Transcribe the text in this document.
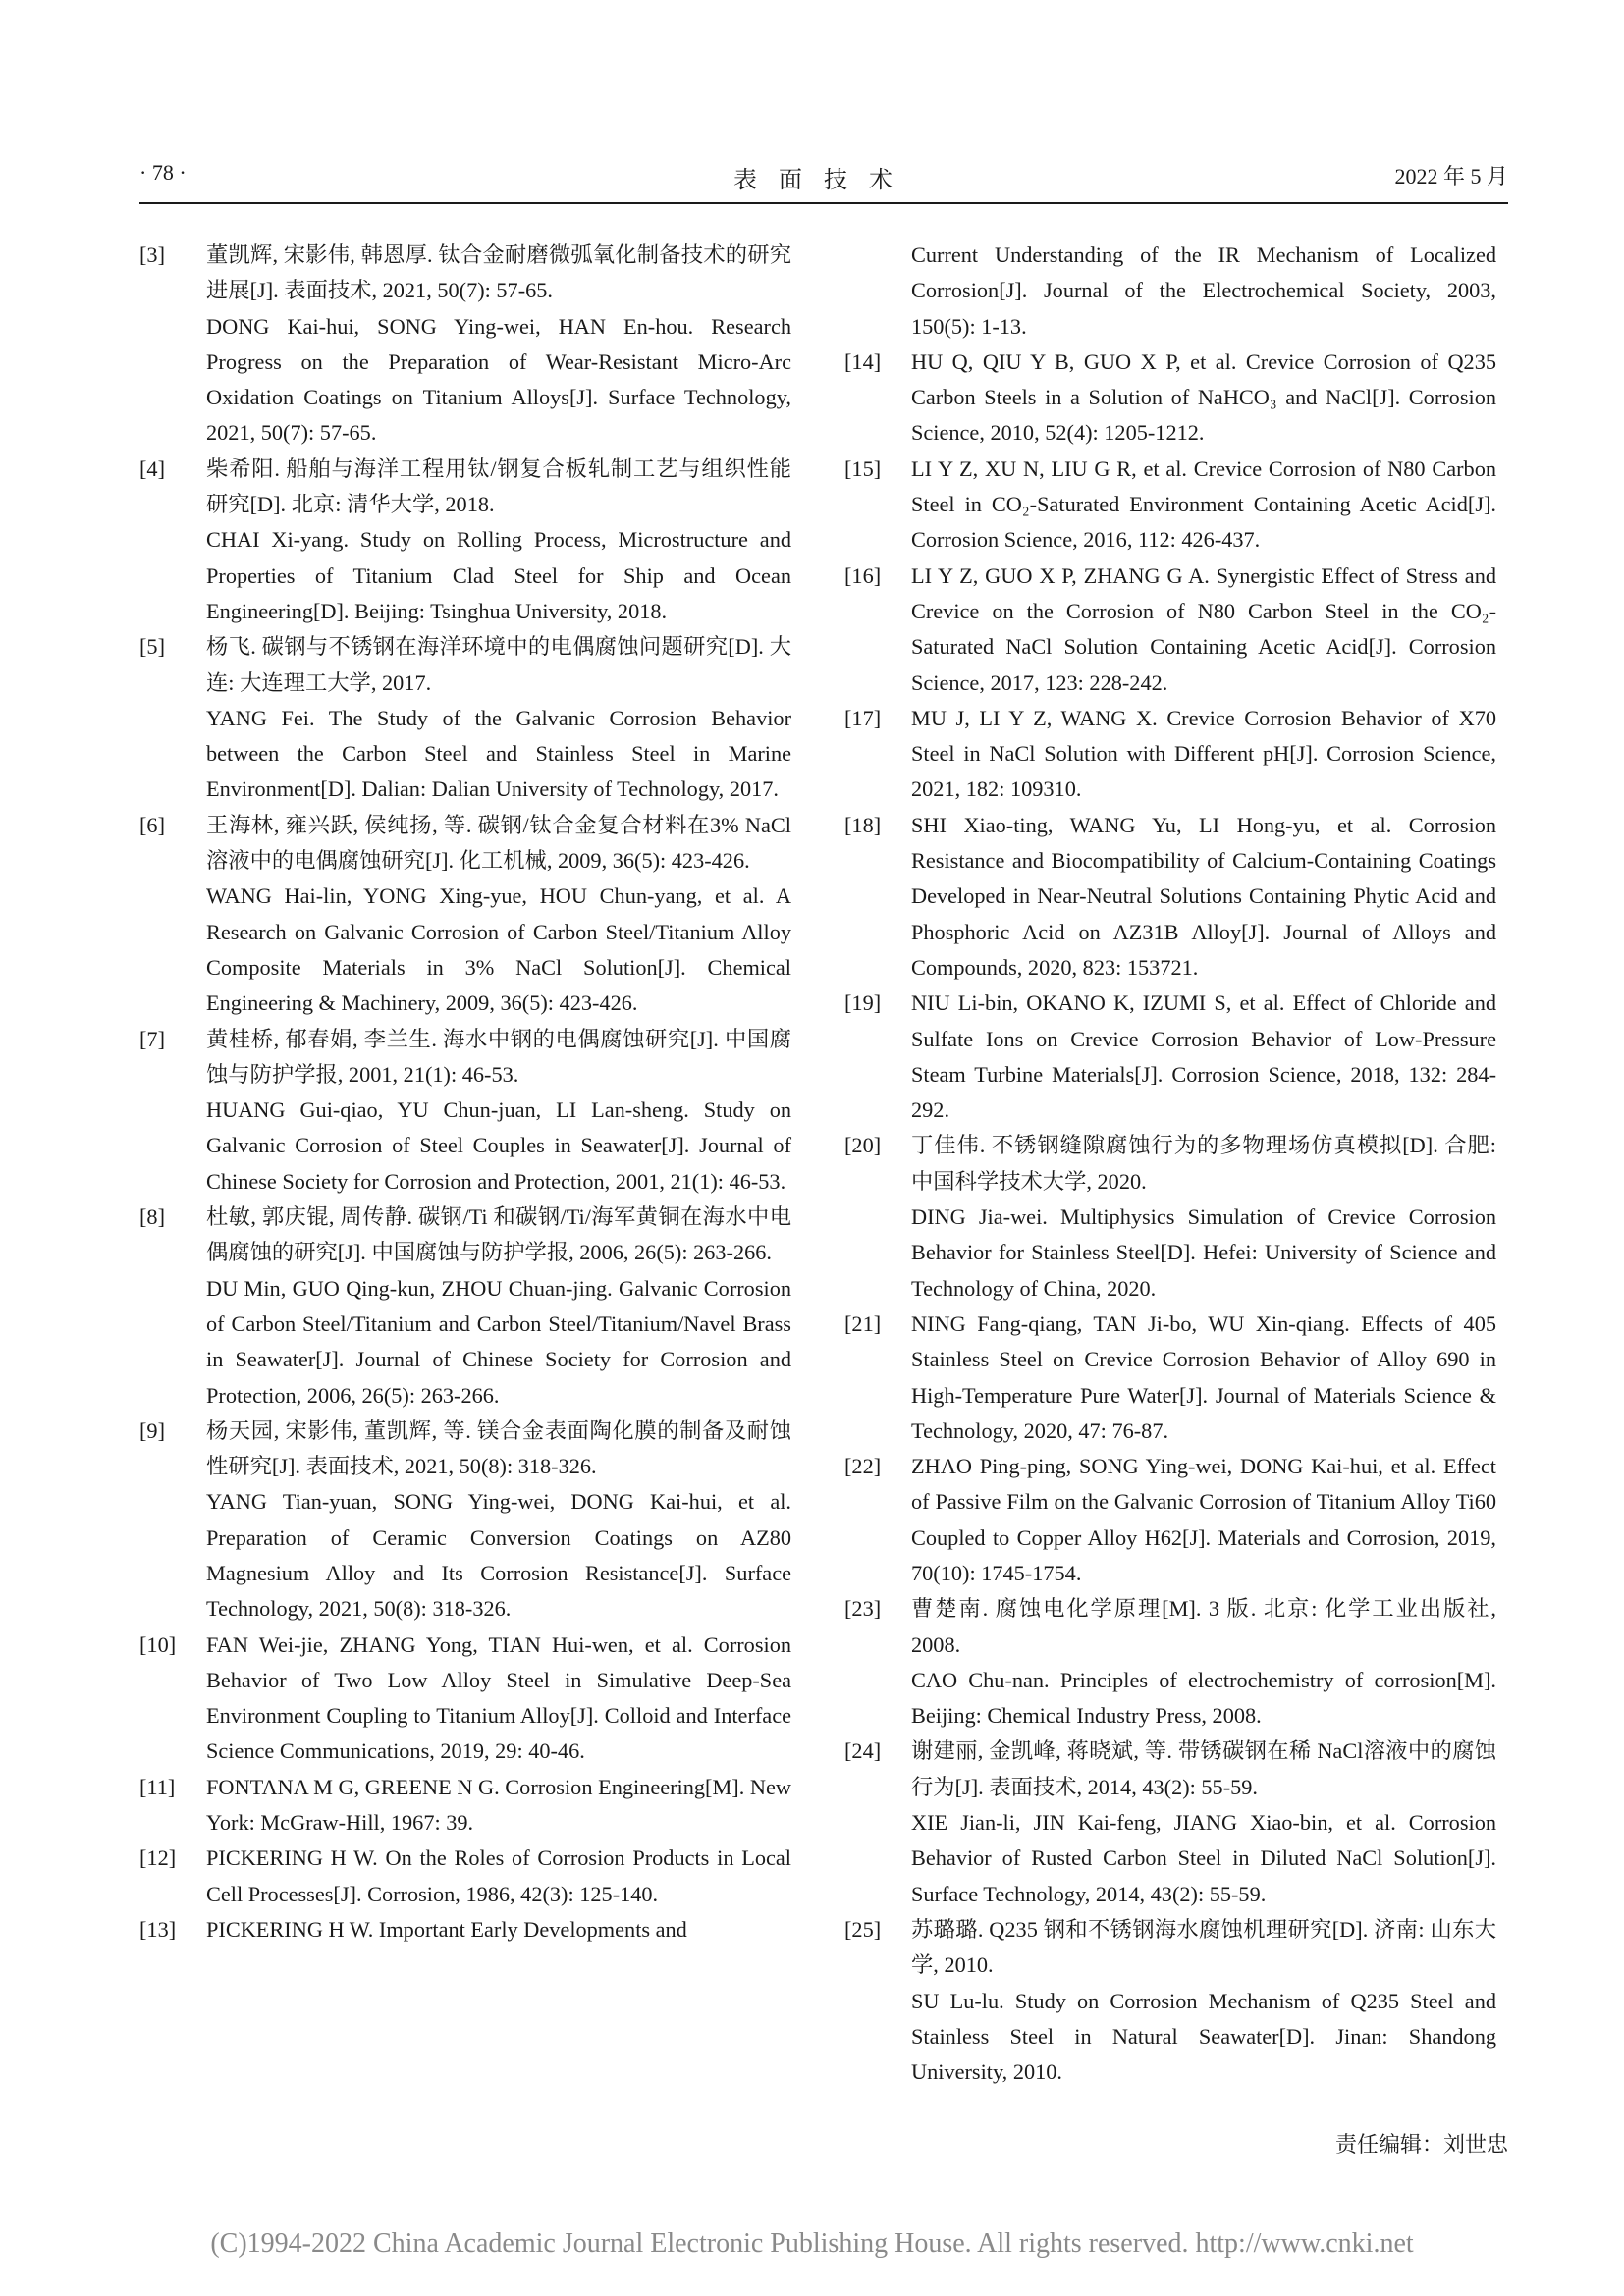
· 78 ·	表面技术	2022 年 5 月
[3]	董凯辉, 宋影伟, 韩恩厚. 钛合金耐磨微弧氧化制备技术的研究进展[J]. 表面技术, 2021, 50(7): 57-65.

DONG Kai-hui, SONG Ying-wei, HAN En-hou. Research Progress on the Preparation of Wear-Resistant Micro-Arc Oxidation Coatings on Titanium Alloys[J]. Surface Technology, 2021, 50(7): 57-65.

[4]	柴希阳. 船舶与海洋工程用钛/钢复合板轧制工艺与组织性能研究[D]. 北京: 清华大学, 2018.

CHAI Xi-yang. Study on Rolling Process, Microstructure and Properties of Titanium Clad Steel for Ship and Ocean Engineering[D]. Beijing: Tsinghua University, 2018.

[5]	杨飞. 碳钢与不锈钢在海洋环境中的电偶腐蚀问题研究[D]. 大连: 大连理工大学, 2017.

YANG Fei. The Study of the Galvanic Corrosion Behavior between the Carbon Steel and Stainless Steel in Marine Environment[D]. Dalian: Dalian University of Technology, 2017.

[6]	王海林, 雍兴跃, 侯纯扬, 等. 碳钢/钛合金复合材料在3% NaCl 溶液中的电偶腐蚀研究[J]. 化工机械, 2009, 36(5): 423-426.

WANG Hai-lin, YONG Xing-yue, HOU Chun-yang, et al. A Research on Galvanic Corrosion of Carbon Steel/Titanium Alloy Composite Materials in 3% NaCl Solution[J]. Chemical Engineering & Machinery, 2009, 36(5): 423-426.

[7]	黄桂桥, 郁春娟, 李兰生. 海水中钢的电偶腐蚀研究[J]. 中国腐蚀与防护学报, 2001, 21(1): 46-53.

HUANG Gui-qiao, YU Chun-juan, LI Lan-sheng. Study on Galvanic Corrosion of Steel Couples in Seawater[J]. Journal of Chinese Society for Corrosion and Protection, 2001, 21(1): 46-53.

[8]	杜敏, 郭庆锟, 周传静. 碳钢/Ti 和碳钢/Ti/海军黄铜在海水中电偶腐蚀的研究[J]. 中国腐蚀与防护学报, 2006, 26(5): 263-266.

DU Min, GUO Qing-kun, ZHOU Chuan-jing. Galvanic Corrosion of Carbon Steel/Titanium and Carbon Steel/Titanium/Navel Brass in Seawater[J]. Journal of Chinese Society for Corrosion and Protection, 2006, 26(5): 263-266.

[9]	杨天园, 宋影伟, 董凯辉, 等. 镁合金表面陶化膜的制备及耐蚀性研究[J]. 表面技术, 2021, 50(8): 318-326.

YANG Tian-yuan, SONG Ying-wei, DONG Kai-hui, et al. Preparation of Ceramic Conversion Coatings on AZ80 Magnesium Alloy and Its Corrosion Resistance[J]. Surface Technology, 2021, 50(8): 318-326.

[10]	FAN Wei-jie, ZHANG Yong, TIAN Hui-wen, et al. Corrosion Behavior of Two Low Alloy Steel in Simulative Deep-Sea Environment Coupling to Titanium Alloy[J]. Colloid and Interface Science Communications, 2019, 29: 40-46.

[11]	FONTANA M G, GREENE N G. Corrosion Engineering[M]. New York: McGraw-Hill, 1967: 39.

[12]	PICKERING H W. On the Roles of Corrosion Products in Local Cell Processes[J]. Corrosion, 1986, 42(3): 125-140.

[13]	PICKERING H W. Important Early Developments and

Current Understanding of the IR Mechanism of Localized Corrosion[J]. Journal of the Electrochemical Society, 2003, 150(5): 1-13.

[14]	HU Q, QIU Y B, GUO X P, et al. Crevice Corrosion of Q235 Carbon Steels in a Solution of NaHCO₃ and NaCl[J]. Corrosion Science, 2010, 52(4): 1205-1212.

[15]	LI Y Z, XU N, LIU G R, et al. Crevice Corrosion of N80 Carbon Steel in CO₂-Saturated Environment Containing Acetic Acid[J]. Corrosion Science, 2016, 112: 426-437.

[16]	LI Y Z, GUO X P, ZHANG G A. Synergistic Effect of Stress and Crevice on the Corrosion of N80 Carbon Steel in the CO₂-Saturated NaCl Solution Containing Acetic Acid[J]. Corrosion Science, 2017, 123: 228-242.

[17]	MU J, LI Y Z, WANG X. Crevice Corrosion Behavior of X70 Steel in NaCl Solution with Different pH[J]. Corrosion Science, 2021, 182: 109310.

[18]	SHI Xiao-ting, WANG Yu, LI Hong-yu, et al. Corrosion Resistance and Biocompatibility of Calcium-Containing Coatings Developed in Near-Neutral Solutions Containing Phytic Acid and Phosphoric Acid on AZ31B Alloy[J]. Journal of Alloys and Compounds, 2020, 823: 153721.

[19]	NIU Li-bin, OKANO K, IZUMI S, et al. Effect of Chloride and Sulfate Ions on Crevice Corrosion Behavior of Low-Pressure Steam Turbine Materials[J]. Corrosion Science, 2018, 132: 284-292.

[20]	丁佳伟. 不锈钢缝隙腐蚀行为的多物理场仿真模拟[D]. 合肥: 中国科学技术大学, 2020.

DING Jia-wei. Multiphysics Simulation of Crevice Corrosion Behavior for Stainless Steel[D]. Hefei: University of Science and Technology of China, 2020.

[21]	NING Fang-qiang, TAN Ji-bo, WU Xin-qiang. Effects of 405 Stainless Steel on Crevice Corrosion Behavior of Alloy 690 in High-Temperature Pure Water[J]. Journal of Materials Science & Technology, 2020, 47: 76-87.

[22]	ZHAO Ping-ping, SONG Ying-wei, DONG Kai-hui, et al. Effect of Passive Film on the Galvanic Corrosion of Titanium Alloy Ti60 Coupled to Copper Alloy H62[J]. Materials and Corrosion, 2019, 70(10): 1745-1754.

[23]	曹楚南. 腐蚀电化学原理[M]. 3 版. 北京: 化学工业出版社, 2008.

CAO Chu-nan. Principles of electrochemistry of corrosion[M]. Beijing: Chemical Industry Press, 2008.

[24]	谢建丽, 金凯峰, 蒋晓斌, 等. 带锈碳钢在稀 NaCl溶液中的腐蚀行为[J]. 表面技术, 2014, 43(2): 55-59.

XIE Jian-li, JIN Kai-feng, JIANG Xiao-bin, et al. Corrosion Behavior of Rusted Carbon Steel in Diluted NaCl Solution[J]. Surface Technology, 2014, 43(2): 55-59.

[25]	苏璐璐. Q235 钢和不锈钢海水腐蚀机理研究[D]. 济南: 山东大学, 2010.

SU Lu-lu. Study on Corrosion Mechanism of Q235 Steel and Stainless Steel in Natural Seawater[D]. Jinan: Shandong University, 2010.

责任编辑：刘世忠
(C)1994-2022 China Academic Journal Electronic Publishing House. All rights reserved. http://www.cnki.net
